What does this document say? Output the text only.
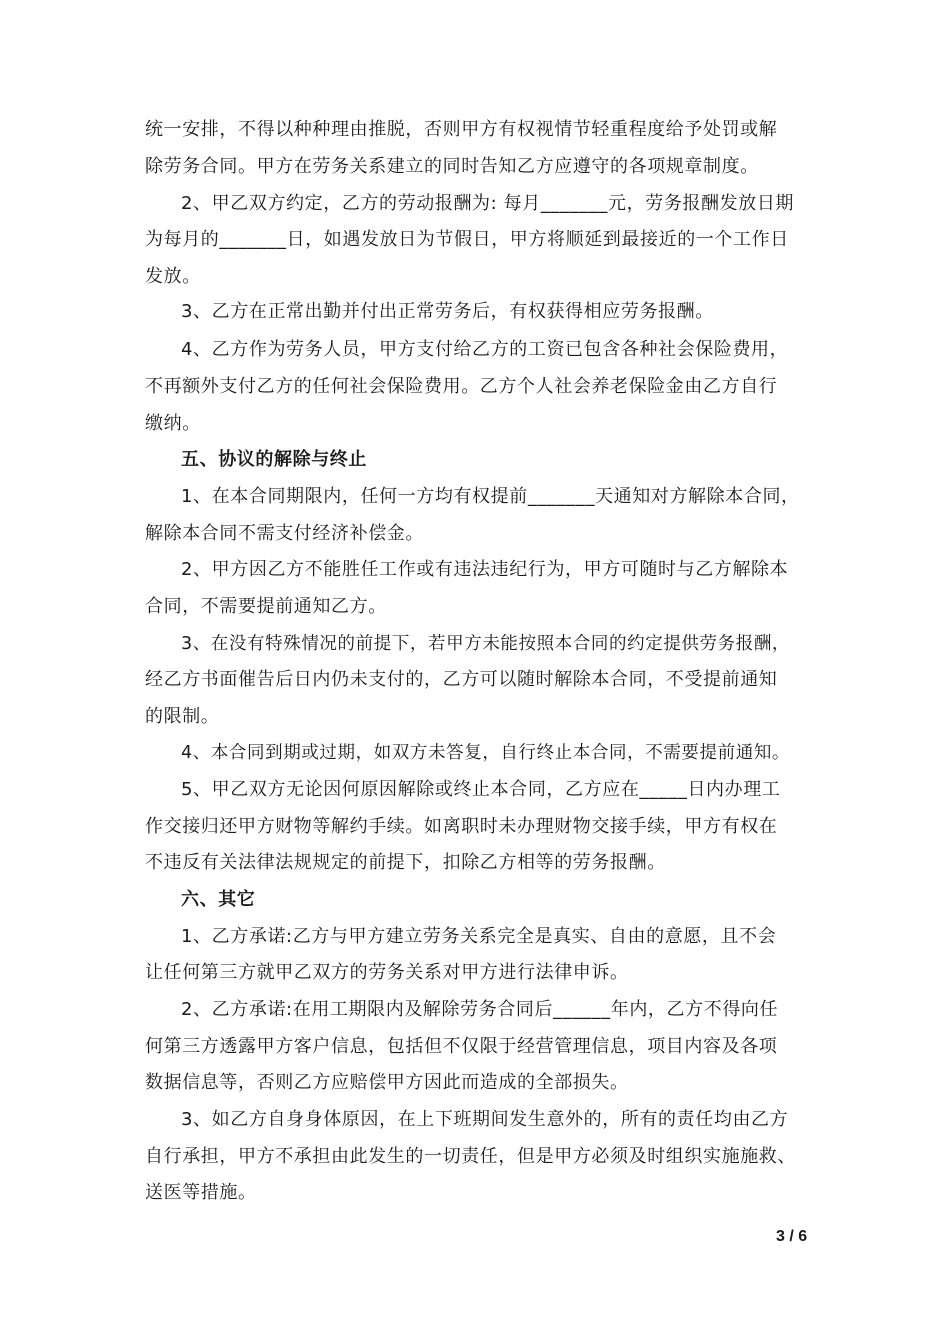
统一安排，不得以种种理由推脱，否则甲方有权视情节轻重程度给予处罚或解
除劳务合同。甲方在劳务关系建立的同时告知乙方应遵守的各项规章制度。
2、甲乙双方约定，乙方的劳动报酬为: 每月_______元，劳务报酬发放日期
为每月的_______日，如遇发放日为节假日，甲方将顺延到最接近的一个工作日
发放。
3、乙方在正常出勤并付出正常劳务后，有权获得相应劳务报酬。
4、乙方作为劳务人员，甲方支付给乙方的工资已包含各种社会保险费用，
不再额外支付乙方的任何社会保险费用。乙方个人社会养老保险金由乙方自行
缴纳。
五、协议的解除与终止
1、在本合同期限内，任何一方均有权提前_______天通知对方解除本合同，
解除本合同不需支付经济补偿金。
2、甲方因乙方不能胜任工作或有违法违纪行为，甲方可随时与乙方解除本
合同，不需要提前通知乙方。
3、在没有特殊情况的前提下，若甲方未能按照本合同的约定提供劳务报酬，
经乙方书面催告后日内仍未支付的，乙方可以随时解除本合同，不受提前通知
的限制。
4、本合同到期或过期，如双方未答复，自行终止本合同，不需要提前通知。
5、甲乙双方无论因何原因解除或终止本合同，乙方应在_____日内办理工
作交接归还甲方财物等解约手续。如离职时未办理财物交接手续，甲方有权在
不违反有关法律法规规定的前提下，扣除乙方相等的劳务报酬。
六、其它
1、乙方承诺:乙方与甲方建立劳务关系完全是真实、自由的意愿，且不会
让任何第三方就甲乙双方的劳务关系对甲方进行法律申诉。
2、乙方承诺:在用工期限内及解除劳务合同后______年内，乙方不得向任
何第三方透露甲方客户信息，包括但不仅限于经营管理信息，项目内容及各项
数据信息等，否则乙方应赔偿甲方因此而造成的全部损失。
3、如乙方自身身体原因，在上下班期间发生意外的，所有的责任均由乙方
自行承担，甲方不承担由此发生的一切责任，但是甲方必须及时组织实施施救、
送医等措施。
3 / 6
